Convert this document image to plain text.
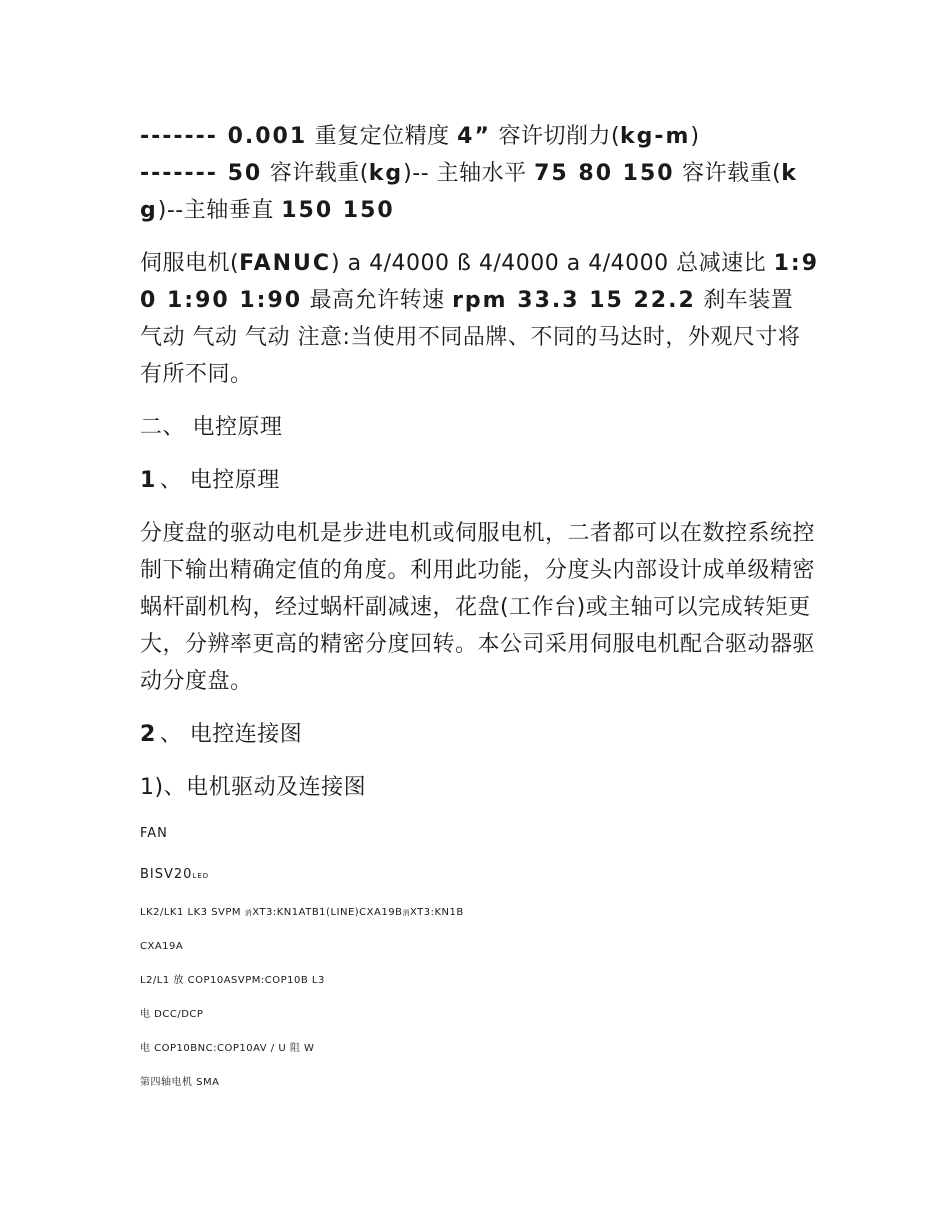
------- 0.001 重复定位精度 4” 容许切削力(kg-m)
------- 50 容许载重(kg)-- 主轴水平 75 80 150 容许载重(kg)--主轴垂直 150 150

伺服电机(FANUC) a 4/4000 ß 4/4000 a 4/4000 总减速比 1:90 1:90 1:90 最高允许转速 rpm 33.3 15 22.2 刹车装置 气动 气动 气动 注意:当使用不同品牌、不同的马达时，外观尺寸将有所不同。

二、 电控原理

1 、 电控原理

分度盘的驱动电机是步进电机或伺服电机，二者都可以在数控系统控制下输出精确定值的角度。利用此功能，分度头内部设计成单级精密蜗杆副机构，经过蜗杆副减速，花盘(工作台)或主轴可以完成转矩更大，分辨率更高的精密分度回转。本公司采用伺服电机配合驱动器驱动分度盘。

2 、 电控连接图

1)、电机驱动及连接图

FAN

BISV20LED

LK2/LK1 LK3 SVPM 消XT3:KN1ATB1(LINE)CXA19B消XT3:KN1B

CXA19A

L2/L1 放 COP10ASVPM:COP10B L3

电 DCC/DCP

电 COP10BNC:COP10AV / U 阻 W

第四轴电机 SMA
